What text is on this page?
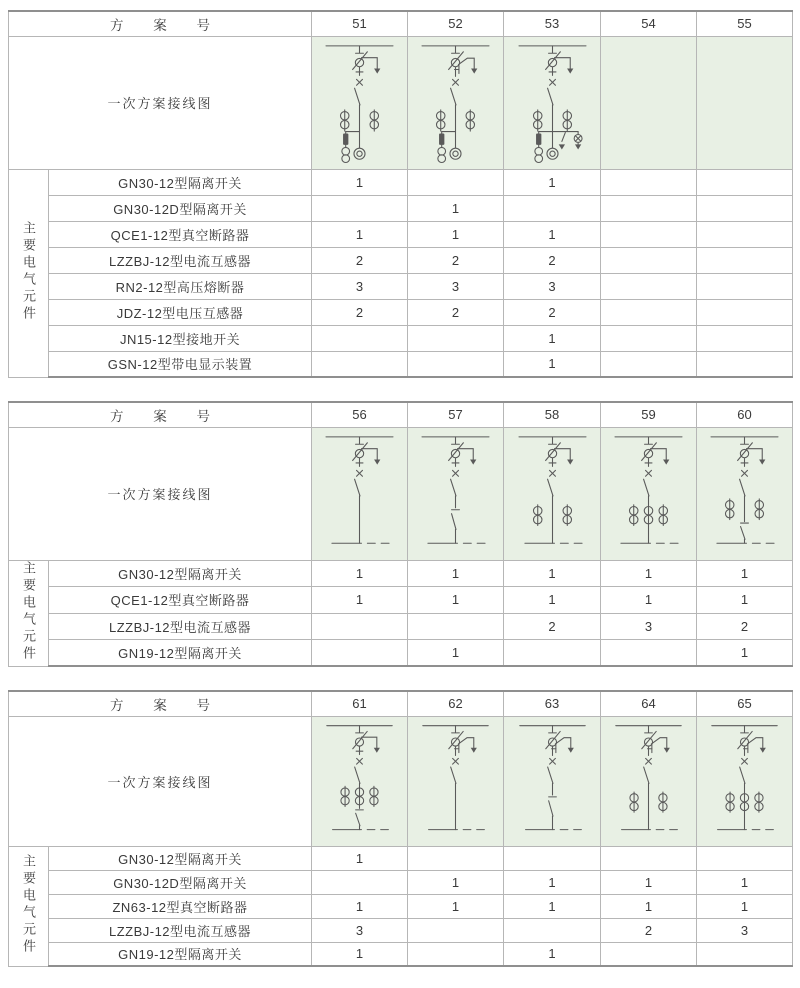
方案号		51	52	53	54	55
一次方案接线图	

主要电气元件	GN30-12型隔离开关	1		1		
	GN30-12D型隔离开关		1			
	QCE1-12型真空断路器	1	1	1		
	LZZBJ-12型电流互感器	2	2	2		
	RN2-12型高压熔断器	3	3	3		
	JDZ-12型电压互感器	2	2	2		
	JN15-12型接地开关			1		
	GSN-12型带电显示装置			1		
方案号		56	57	58	59	60
一次方案接线图	

主要电气元件	GN30-12型隔离开关	1	1	1	1	1
	QCE1-12型真空断路器	1	1	1	1	1
	LZZBJ-12型电流互感器			2	3	2
	GN19-12型隔离开关		1			1
方案号		61	62	63	64	65
一次方案接线图	

主要电气元件	GN30-12型隔离开关	1				
	GN30-12D型隔离开关		1	1	1	1
	ZN63-12型真空断路器	1	1	1	1	1
	LZZBJ-12型电流互感器	3			2	3
	GN19-12型隔离开关	1		1		
